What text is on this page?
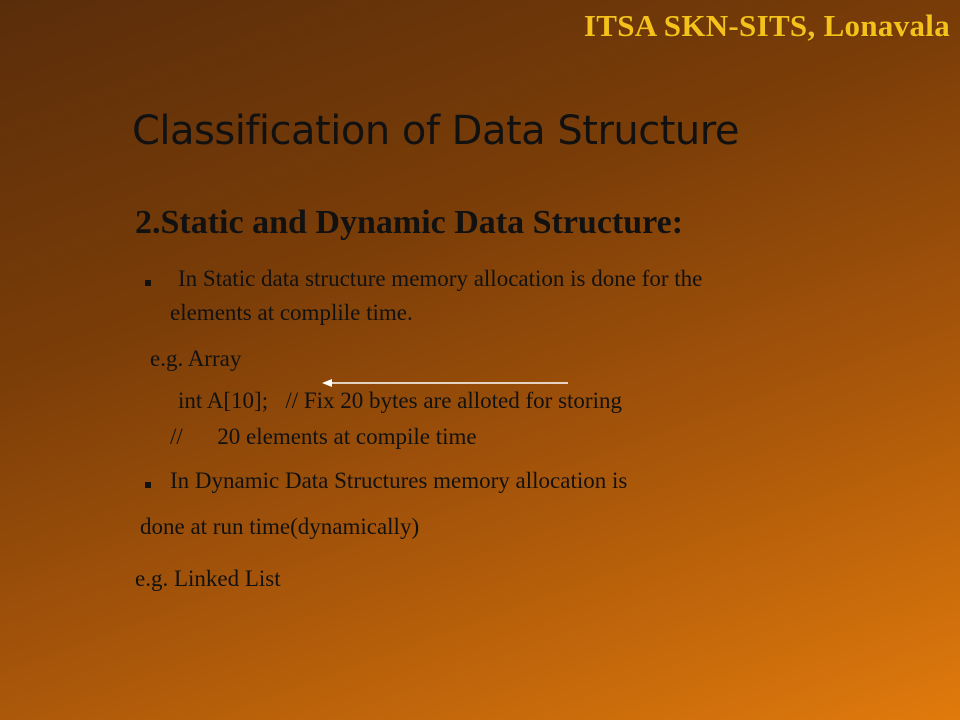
ITSA SKN-SITS, Lonavala
Classification of Data Structure
2.Static and Dynamic Data Structure:
In Static data structure memory allocation is done for the
elements at complile time.
e.g. Array
int A[10];   // Fix 20 bytes are alloted for storing
//      20 elements at compile time
In Dynamic Data Structures memory allocation is
done at run time(dynamically)
e.g. Linked List
